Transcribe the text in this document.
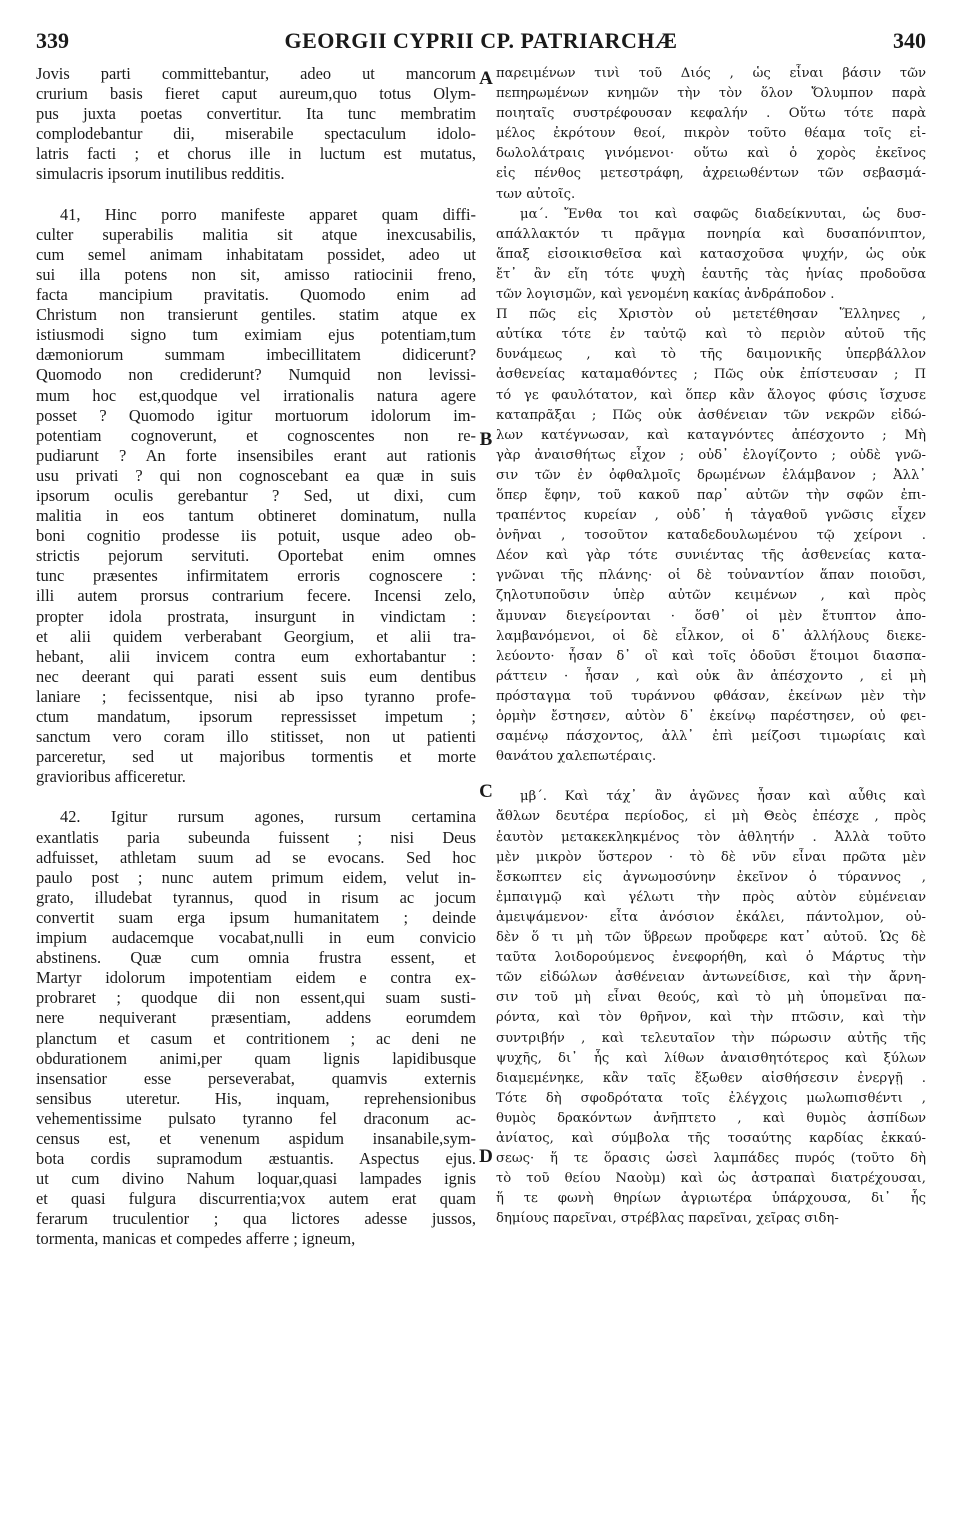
339	GEORGII CYPRII CP. PATRIARCHÆ	340
Jovis parti committebantur, adeo ut mancorum
crurium basis fieret caput aureum,quo totus Olym-
pus juxta poetas convertitur. Ita tunc membratim
complodebantur dii, miserabile spectaculum idolo-
latris facti ; et chorus ille in luctum est mutatus,
simulacris ipsorum inutilibus redditis.
41, Hinc porro manifeste apparet quam diffi-
culter superabilis malitia sit atque inexcusabilis,
cum semel animam inhabitatam possidet, adeo ut
sui illa potens non sit, amisso ratiocinii freno,
facta mancipium pravitatis. Quomodo enim ad
Christum non transierunt gentiles. statim atque ex
istiusmodi signo tum eximiam ejus potentiam,tum
dæmoniorum summam imbecillitatem didicerunt?
Quomodo non crediderunt? Numquid non levissi-
mum hoc est,quodque vel irrationalis natura agere
posset ? Quomodo igitur mortuorum idolorum im-
potentiam cognoverunt, et cognoscentes non re-
pudiarunt ? An forte insensibiles erant aut rationis
usu privati ? qui non cognoscebant ea quæ in suis
ipsorum oculis gerebantur ? Sed, ut dixi, cum
malitia in eos tantum obtineret dominatum, nulla
boni cognitio prodesse iis potuit, usque adeo ob-
strictis pejorum servituti. Oportebat enim omnes
tunc præsentes infirmitatem erroris cognoscere :
illi autem prorsus contrarium fecere. Incensi zelo,
propter idola prostrata, insurgunt in vindictam :
et alii quidem verberabant Georgium, et alii tra-
hebant, alii invicem contra eum exhortabantur :
nec deerant qui parati essent suis eum dentibus
laniare ; fecissentque, nisi ab ipso tyranno profe-
ctum mandatum, ipsorum repressisset impetum ;
sanctum vero coram illo stitisset, non ut patienti
parceretur, sed ut majoribus tormentis et morte
gravioribus afficeretur.
42. Igitur rursum agones, rursum certamina
exantlatis paria subeunda fuissent ; nisi Deus
adfuisset, athletam suum ad se evocans. Sed hoc
paulo post ; nunc autem primum eidem, velut in-
grato, illudebat tyrannus, quod in risum ac jocum
convertit suam erga ipsum humanitatem ; deinde
impium audacemque vocabat,nulli in eum convicio
abstinens. Quæ cum omnia frustra essent, et
Martyr idolorum impotentiam eidem e contra ex-
probraret ; quodque dii non essent,qui suam susti-
nere nequiverant præsentiam, addens eorumdem
planctum et casum et contritionem ; ac deni ne
obdurationem animi,per quam lignis lapidibusque
insensatior esse perseverabat, quamvis externis
sensibus uteretur. His, inquam, reprehensionibus
vehementissime pulsato tyranno fel draconum ac-
census est, et venenum aspidum insanabile,sym-
bota cordis supramodum æstuantis. Aspectus ejus.
ut cum divino Nahum loquar,quasi lampades ignis
et quasi fulgura discurrentia;vox autem erat quam
ferarum truculentior ; qua lictores adesse jussos,
tormenta, manicas et compedes afferre ; igneum,
παρειμένων τινὶ τοῦ Διός , ὡς εἶναι βάσιν τῶν
πεπηρωμένων κνημῶν τὴν τὸν ὅλον Ὄλυμπον παρὰ
ποιηταῖς συστρέφουσαν κεφαλήν . Οὕτω τότε παρὰ
μέλος ἐκρότουν θεοί, πικρὸν τοῦτο θέαμα τοῖς εἰ-
δωλολάτραις γινόμενοι· οὕτω καὶ ὁ χορὸς ἐκεῖνος
εἰς πένθος μετεστράφη, ἀχρειωθέντων τῶν σεβασμά-
των αὐτοῖς.
μα΄. Ἔνθα τοι καὶ σαφῶς διαδείκνυται, ὡς δυσ-
απάλλακτόν τι πρᾶγμα πονηρία καὶ δυσαπόνιπτον,
ἅπαξ εἰσοικισθεῖσα καὶ κατασχοῦσα ψυχήν, ὡς οὐκ
ἔτ᾽ ἂν εἴη τότε ψυχὴ ἑαυτῆς τὰς ἡνίας προδοῦσα
τῶν λογισμῶν, καὶ γενομένη κακίας ἀνδράποδον .
Π πῶς εἰς Χριστὸν οὐ μετετέθησαν Ἕλληνες ,
αὐτίκα τότε ἐν ταὐτῷ καὶ τὸ περιὸν αὐτοῦ τῆς
δυνάμεως , καὶ τὸ τῆς δαιμονικῆς ὑπερβάλλον
ἀσθενείας καταμαθόντες ; Πῶς οὐκ ἐπίστευσαν ; Π
τό γε φαυλότατον, καὶ ὅπερ κἂν ἄλογος φύσις ἴσχυσε
καταπρᾶξαι ; Πῶς οὐκ ἀσθένειαν τῶν νεκρῶν εἰδώ-
λων κατέγνωσαν, καὶ καταγνόντες ἀπέσχοντο ; Μὴ
γὰρ ἀναισθήτως εἶχον ; οὐδ᾽ ἐλογίζοντο ; οὐδὲ γνῶ-
σιν τῶν ἐν ὀφθαλμοῖς δρωμένων ἐλάμβανον ; Ἀλλ᾽
ὅπερ ἔφην, τοῦ κακοῦ παρ᾽ αὐτῶν τὴν σφῶν ἐπι-
τραπέντος κυρείαν , οὐδ᾽ ἡ τἀγαθοῦ γνῶσις εἶχεν
ὀνῆναι , τοσοῦτον καταδεδουλωμένου τῷ χείρονι .
Δέον καὶ γὰρ τότε συνιέντας τῆς ἀσθενείας κατα-
γνῶναι τῆς πλάνης· οἱ δὲ τοὐναντίον ἅπαν ποιοῦσι,
ζηλοτυποῦσιν ὑπὲρ αὐτῶν κειμένων , καὶ πρὸς
ἄμυναν διεγείρονται · ὅσθ᾽ οἱ μὲν ἔτυπτον ἀπο-
λαμβανόμενοι, οἱ δὲ εἷλκον, οἱ δ᾽ ἀλλήλους διεκε-
λεύοντο· ἦσαν δ᾽ οἳ καὶ τοῖς ὀδοῦσι ἕτοιμοι διασπα-
ράττειν · ἦσαν , καὶ οὐκ ἂν ἀπέσχοντο , εἰ μὴ
πρόσταγμα τοῦ τυράννου φθάσαν, ἐκείνων μὲν τὴν
ὁρμὴν ἔστησεν, αὐτὸν δ᾽ ἐκείνῳ παρέστησεν, οὐ φει-
σαμένῳ πάσχοντος, ἀλλ᾽ ἐπὶ μείζοσι τιμωρίαις καὶ
θανάτου χαλεπωτέραις.
μβ΄. Καὶ τάχ᾽ ἂν ἀγῶνες ἦσαν καὶ αὖθις καὶ
ἄθλων δευτέρα περίοδος, εἰ μὴ Θεὸς ἐπέσχε , πρὸς
ἑαυτὸν μετακεκληκμένος τὸν ἀθλητήν . Ἀλλὰ τοῦτο
μὲν μικρὸν ὕστερον · τὸ δὲ νῦν εἶναι πρῶτα μὲν
ἔσκωπτεν εἰς ἀγνωμοσύνην ἐκεῖνον ὁ τύραννος ,
ἐμπαιγμῷ καὶ γέλωτι τὴν πρὸς αὐτὸν εὐμένειαν
ἀμειψάμενον· εἶτα ἀνόσιον ἐκάλει, πάντολμον, οὐ-
δὲν ὅ τι μὴ τῶν ὕβρεων προὔφερε κατ᾽ αὐτοῦ. Ὡς δὲ
ταῦτα λοιδορούμενος ἐνεφορήθη, καὶ ὁ Μάρτυς τὴν
τῶν εἰδώλων ἀσθένειαν ἀντωνείδισε, καὶ τὴν ἄρνη-
σιν τοῦ μὴ εἶναι θεούς, καὶ τὸ μὴ ὑπομεῖναι πα-
ρόντα, καὶ τὸν θρῆνον, καὶ τὴν πτῶσιν, καὶ τὴν
συντριβήν , καὶ τελευταῖον τὴν πώρωσιν αὐτῆς τῆς
ψυχῆς, δι᾽ ἧς καὶ λίθων ἀναισθητότερος καὶ ξύλων
διαμεμένηκε, κἂν ταῖς ἔξωθεν αἰσθήσεσιν ἐνεργῇ .
Τότε δὴ σφοδρότατα τοῖς ἐλέγχοις μωλωπισθέντι ,
θυμὸς δρακόντων ἀνῆπτετο , καὶ θυμὸς ἀσπίδων
ἀνίατος, καὶ σύμβολα τῆς τοσαύτης καρδίας ἐκκαύ-
σεως· ἥ τε ὅρασις ὡσεὶ λαμπάδες πυρός (τοῦτο δὴ
τὸ τοῦ θείου Ναοὺμ) καὶ ὡς ἀστραπαὶ διατρέχουσαι,
ἥ τε φωνὴ θηρίων ἀγριωτέρα ὑπάρχουσα, δι᾽ ἧς
δημίους παρεῖναι, στρέβλας παρεῖναι, χεῖρας σιδη-
A
B
C
D
